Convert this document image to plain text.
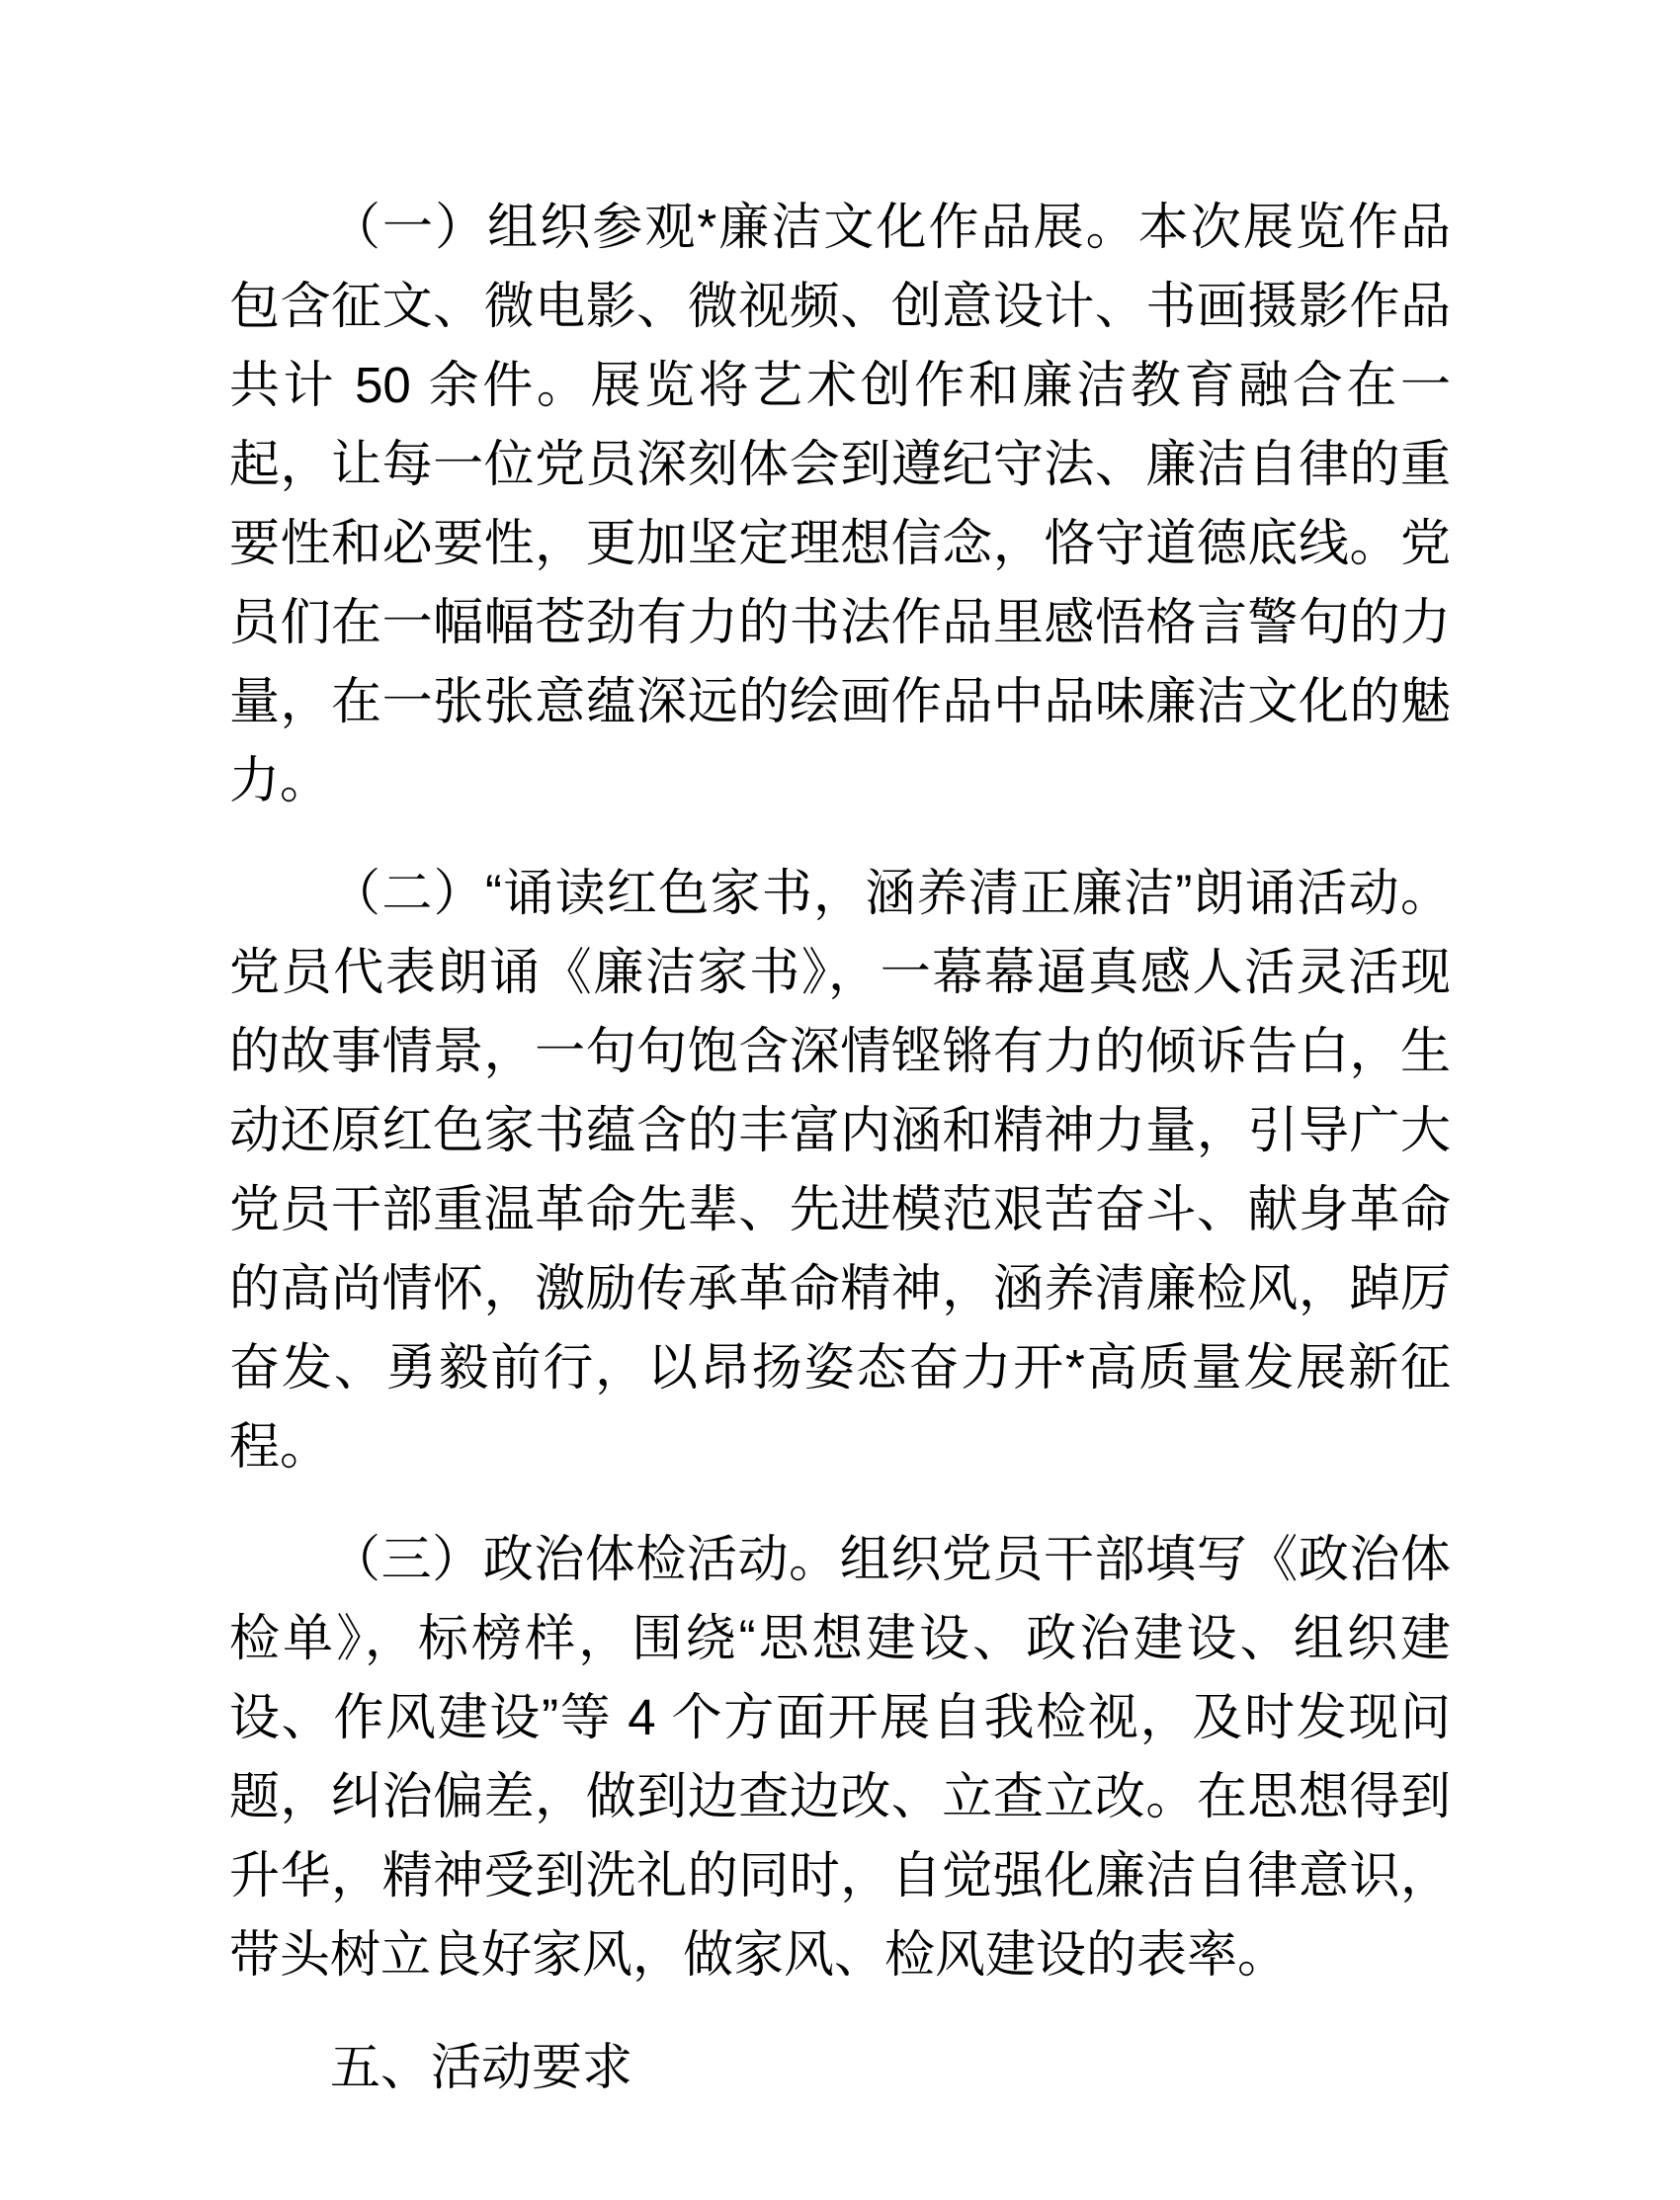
（一）组织参观*廉洁文化作品展。本次展览作品包含征文、微电影、微视频、创意设计、书画摄影作品共计 50 余件。展览将艺术创作和廉洁教育融合在一起，让每一位党员深刻体会到遵纪守法、廉洁自律的重要性和必要性，更加坚定理想信念，恪守道德底线。党员们在一幅幅苍劲有力的书法作品里感悟格言警句的力量，在一张张意蕴深远的绘画作品中品味廉洁文化的魅力。

（二）“诵读红色家书，涵养清正廉洁”朗诵活动。党员代表朗诵《廉洁家书》，一幕幕逼真感人活灵活现的故事情景，一句句饱含深情铿锵有力的倾诉告白，生动还原红色家书蕴含的丰富内涵和精神力量，引导广大党员干部重温革命先辈、先进模范艰苦奋斗、献身革命的高尚情怀，激励传承革命精神，涵养清廉检风，踔厉奋发、勇毅前行，以昂扬姿态奋力开*高质量发展新征程。

（三）政治体检活动。组织党员干部填写《政治体检单》，标榜样，围绕“思想建设、政治建设、组织建设、作风建设”等 4 个方面开展自我检视，及时发现问题，纠治偏差，做到边查边改、立查立改。在思想得到升华，精神受到洗礼的同时，自觉强化廉洁自律意识，带头树立良好家风，做家风、检风建设的表率。

五、活动要求
